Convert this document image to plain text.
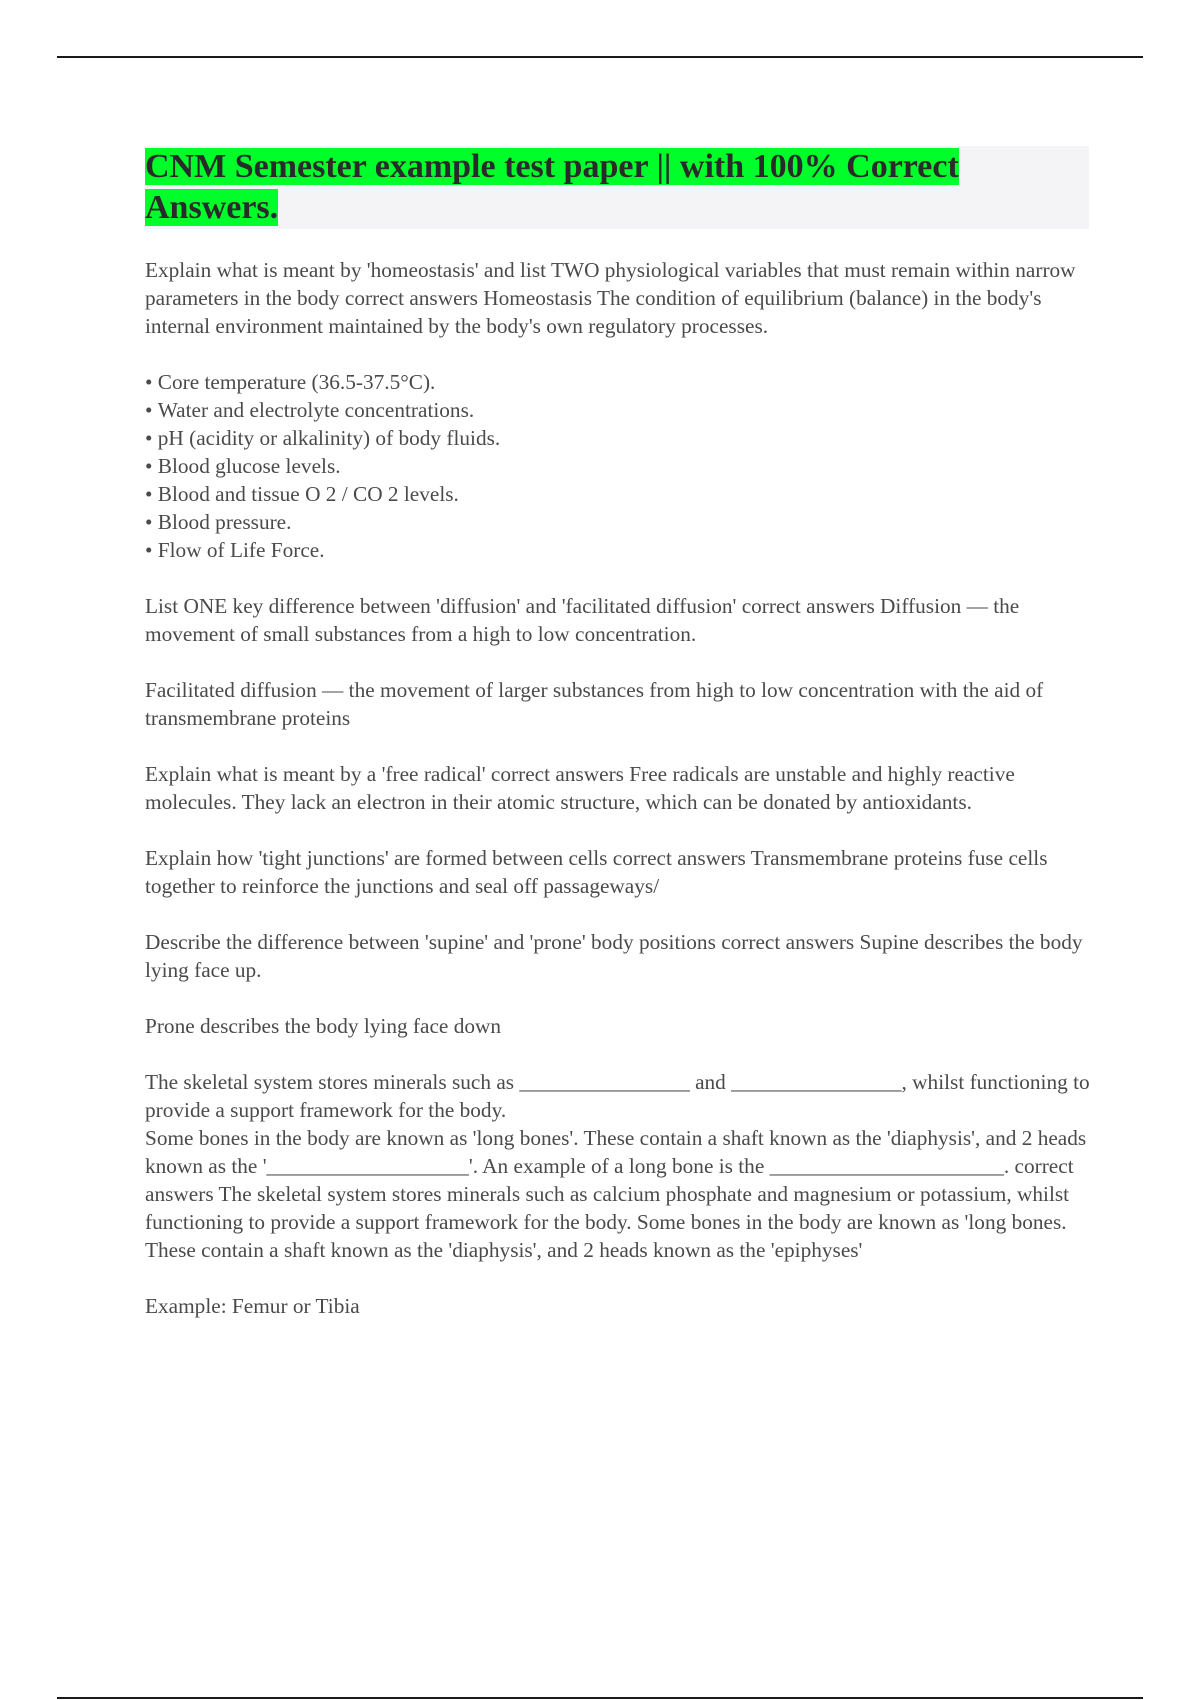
CNM Semester example test paper || with 100% Correct Answers.

Explain what is meant by 'homeostasis' and list TWO physiological variables that must remain within narrow parameters in the body correct answers Homeostasis The condition of equilibrium (balance) in the body's internal environment maintained by the body's own regulatory processes.

• Core temperature (36.5-37.5°C).
• Water and electrolyte concentrations.
• pH (acidity or alkalinity) of body fluids.
• Blood glucose levels.
• Blood and tissue O 2 / CO 2 levels.
• Blood pressure.
• Flow of Life Force.

List ONE key difference between 'diffusion' and 'facilitated diffusion' correct answers Diffusion — the movement of small substances from a high to low concentration.

Facilitated diffusion — the movement of larger substances from high to low concentration with the aid of transmembrane proteins

Explain what is meant by a 'free radical' correct answers Free radicals are unstable and highly reactive molecules. They lack an electron in their atomic structure, which can be donated by antioxidants.

Explain how 'tight junctions' are formed between cells correct answers Transmembrane proteins fuse cells together to reinforce the junctions and seal off passageways/

Describe the difference between 'supine' and 'prone' body positions correct answers Supine describes the body lying face up.

Prone describes the body lying face down

The skeletal system stores minerals such as ________________ and ________________, whilst functioning to provide a support framework for the body.

Some bones in the body are known as 'long bones'. These contain a shaft known as the 'diaphysis', and 2 heads known as the '___________________'. An example of a long bone is the ______________________. correct answers The skeletal system stores minerals such as calcium phosphate and magnesium or potassium, whilst functioning to provide a support framework for the body. Some bones in the body are known as 'long bones. These contain a shaft known as the 'diaphysis', and 2 heads known as the 'epiphyses'

Example: Femur or Tibia
